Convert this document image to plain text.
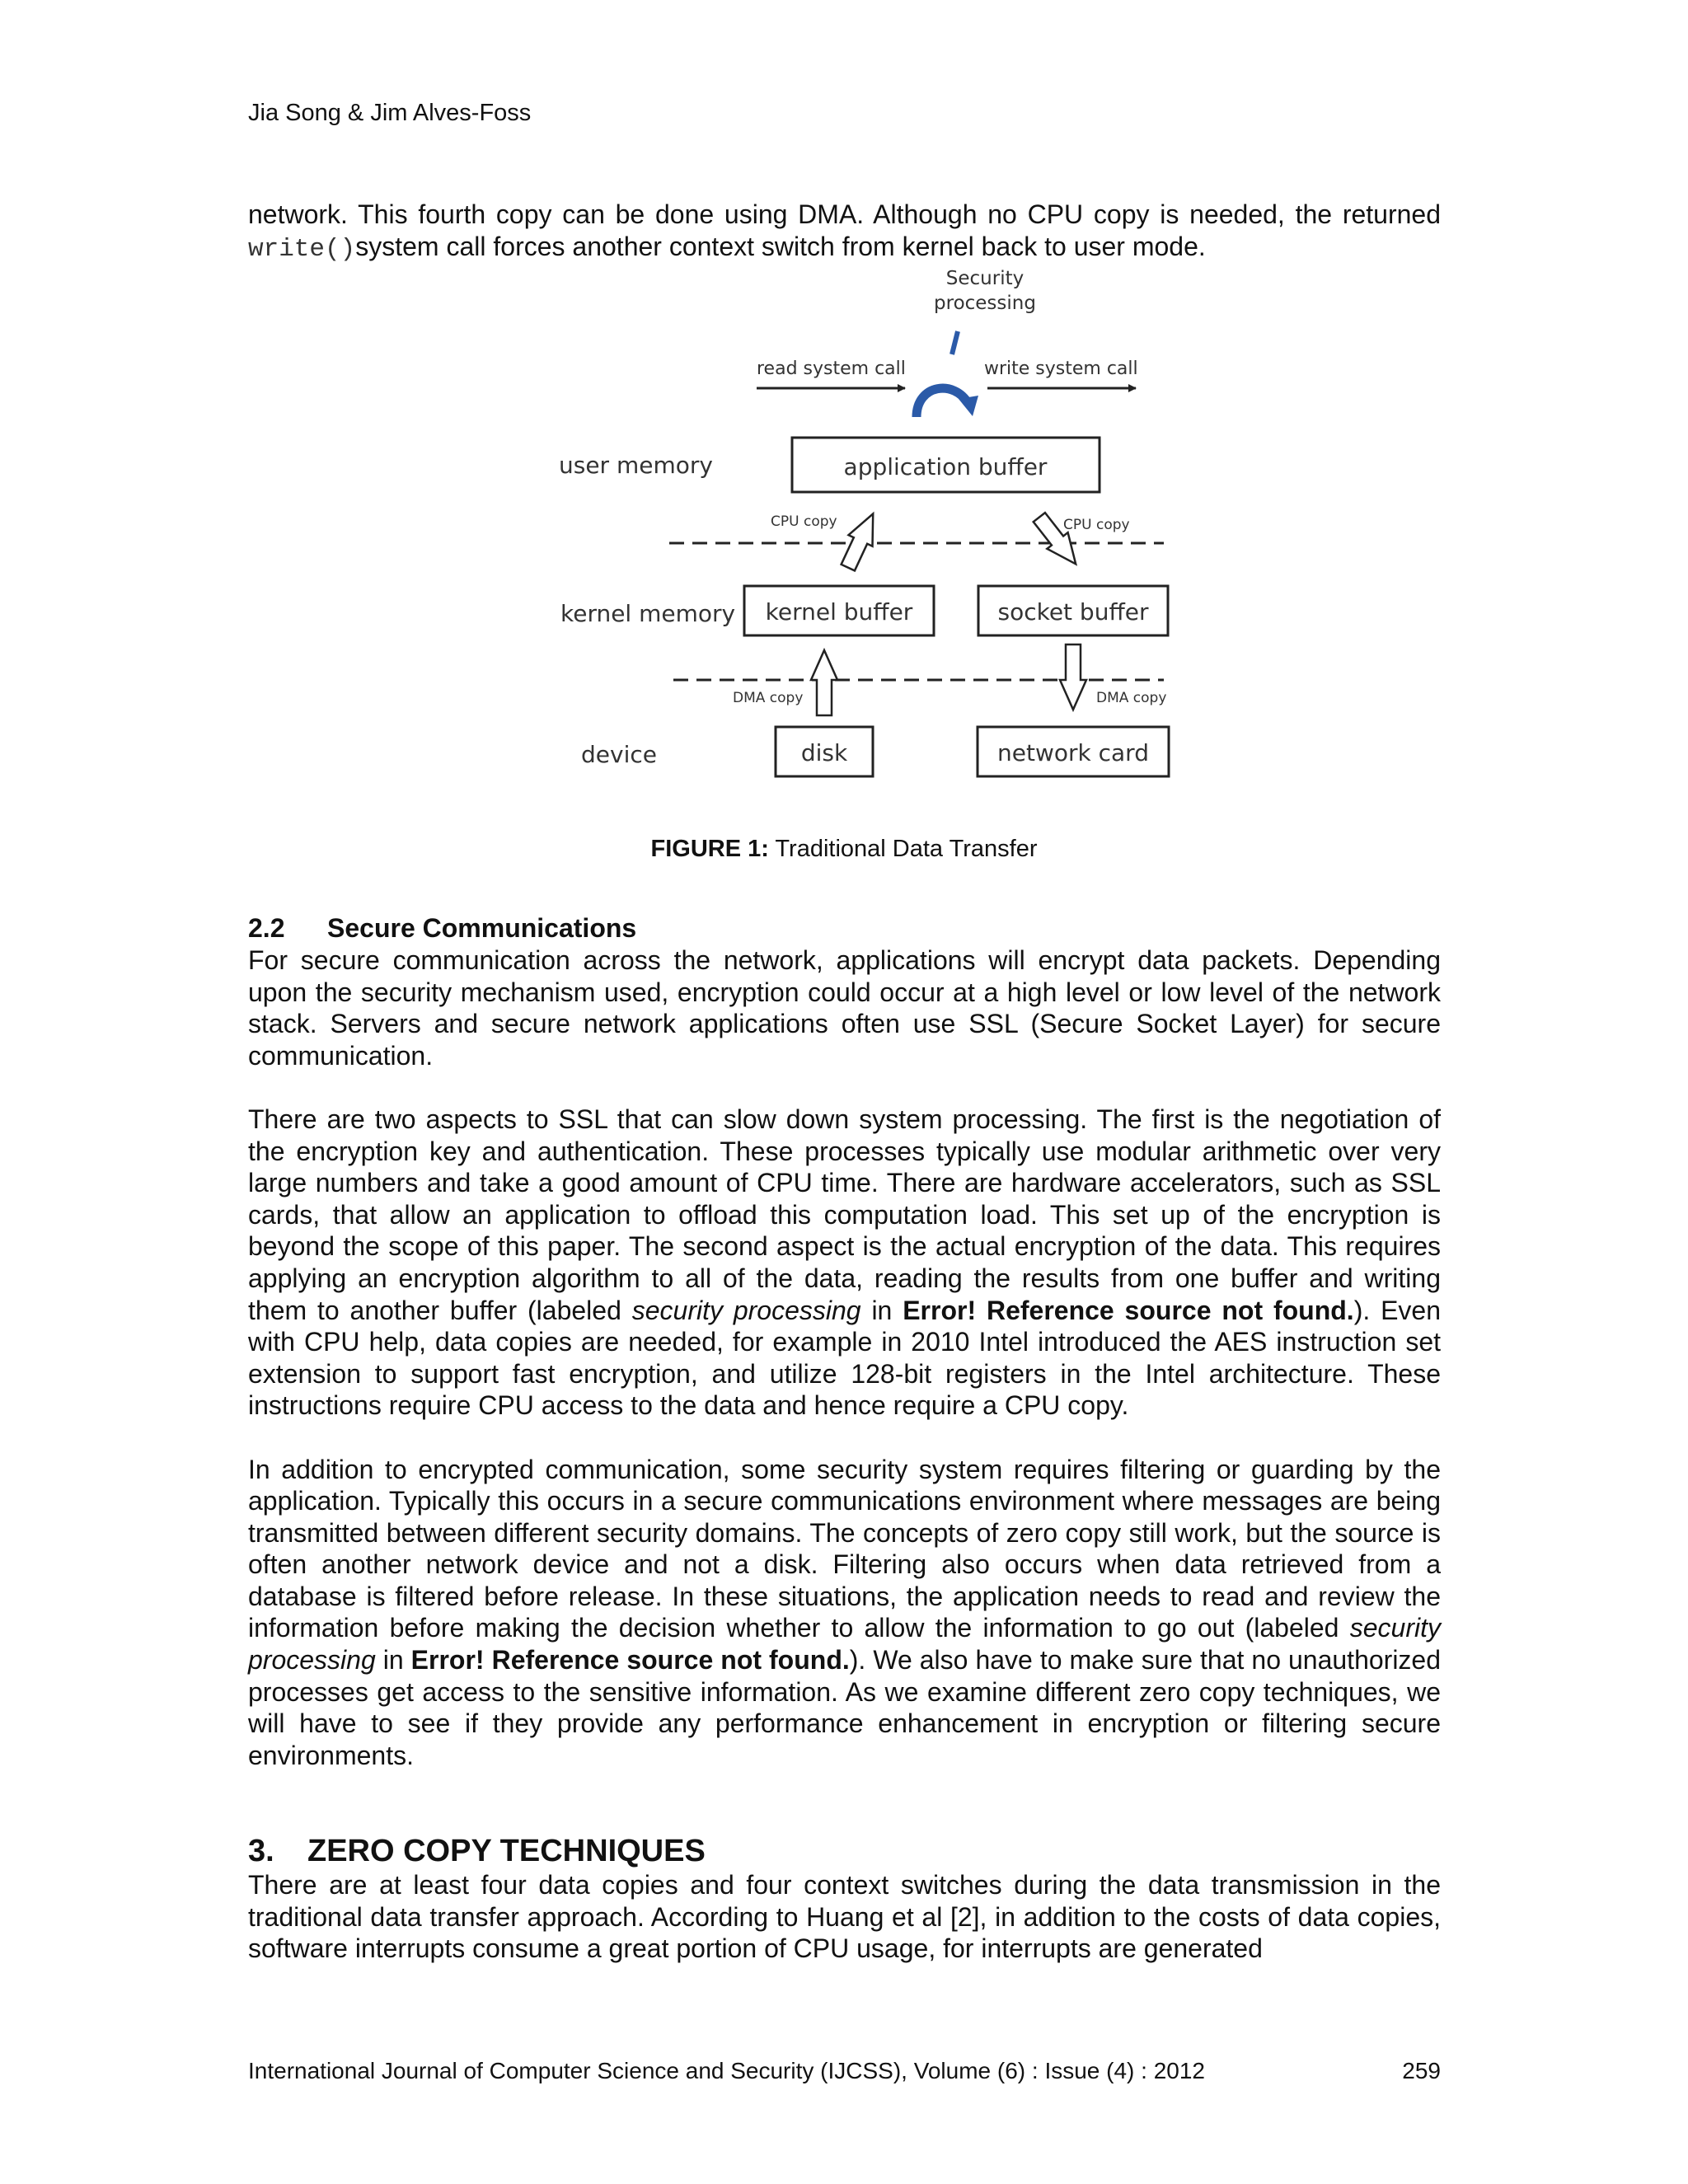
Jia Song & Jim Alves-Foss

network. This fourth copy can be done using DMA. Although no CPU copy is needed, the returned write()system call forces another context switch from kernel back to user mode.

Security
processing
read system call	write system call
user memory
kernel memory
device
application buffer
CPU copy	CPU copy
kernel buffer	socket buffer
DMA copy	DMA copy
disk	network card
FIGURE 1: Traditional Data Transfer
2.2 Secure Communications

For secure communication across the network, applications will encrypt data packets. Depending upon the security mechanism used, encryption could occur at a high level or low level of the network stack. Servers and secure network applications often use SSL (Secure Socket Layer) for secure communication.

There are two aspects to SSL that can slow down system processing. The first is the negotiation of the encryption key and authentication. These processes typically use modular arithmetic over very large numbers and take a good amount of CPU time. There are hardware accelerators, such as SSL cards, that allow an application to offload this computation load. This set up of the encryption is beyond the scope of this paper. The second aspect is the actual encryption of the data. This requires applying an encryption algorithm to all of the data, reading the results from one buffer and writing them to another buffer (labeled security processing in Error! Reference source not found.). Even with CPU help, data copies are needed, for example in 2010 Intel introduced the AES instruction set extension to support fast encryption, and utilize 128-bit registers in the Intel architecture. These instructions require CPU access to the data and hence require a CPU copy.

In addition to encrypted communication, some security system requires filtering or guarding by the application. Typically this occurs in a secure communications environment where messages are being transmitted between different security domains. The concepts of zero copy still work, but the source is often another network device and not a disk. Filtering also occurs when data retrieved from a database is filtered before release. In these situations, the application needs to read and review the information before making the decision whether to allow the information to go out (labeled security processing in Error! Reference source not found.). We also have to make sure that no unauthorized processes get access to the sensitive information. As we examine different zero copy techniques, we will have to see if they provide any performance enhancement in encryption or filtering secure environments.

3. ZERO COPY TECHNIQUES

There are at least four data copies and four context switches during the data transmission in the traditional data transfer approach. According to Huang et al [2], in addition to the costs of data copies, software interrupts consume a great portion of CPU usage, for interrupts are generated

International Journal of Computer Science and Security (IJCSS), Volume (6) : Issue (4) : 2012	259
